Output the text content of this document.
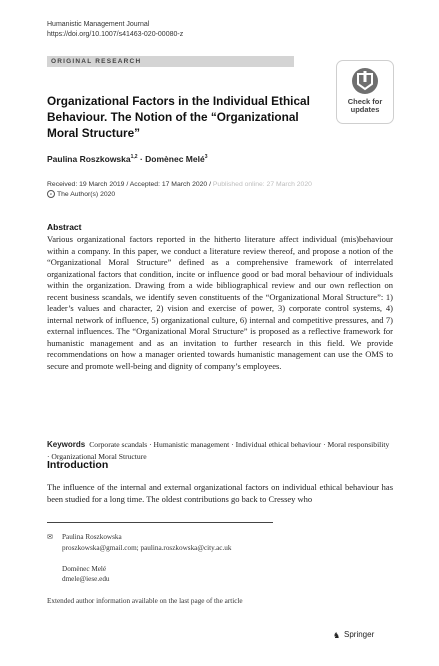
Humanistic Management Journal
https://doi.org/10.1007/s41463-020-00080-z
ORIGINAL RESEARCH
Check for
updates
Organizational Factors in the Individual Ethical Behaviour. The Notion of the “Organizational Moral Structure”
Paulina Roszkowska$^{1,2}$ · Domènec Melé$^3$
Received: 19 March 2019 / Accepted: 17 March 2020 / Published online: 27 March 2020
c The Author(s) 2020
Abstract
Various organizational factors reported in the hitherto literature affect individual (mis)behaviour within a company. In this paper, we conduct a literature review thereof, and propose a notion of the “Organizational Moral Structure” defined as a comprehensive framework of interrelated organizational factors that condition, incite or influence good or bad moral behaviour of individuals within the organization. Drawing from a wide bibliographical review and our own reflection on recent business scandals, we identify seven constituents of the “Organizational Moral Structure”: 1) leader’s values and character, 2) vision and exercise of power, 3) corporate control systems, 4) internal network of influence, 5) organizational culture, 6) internal and competitive pressures, and 7) external influences. The “Organizational Moral Structure” is proposed as a reflective framework for humanistic management and as an invitation to further research in this field. We provide recommendations on how a manager oriented towards humanistic management can use the OMS to secure and promote well-being and dignity of company’s employees.
Keywords Corporate scandals · Humanistic management · Individual ethical behaviour · Moral responsibility · Organizational Moral Structure
Introduction
The influence of the internal and external organizational factors on individual ethical behaviour has been studied for a long time. The oldest contributions go back to Cressey who
✉ Paulina Roszkowska
proszkowska@gmail.com; paulina.roszkowska@city.ac.uk
Domènec Melé
dmele@iese.edu
Extended author information available on the last page of the article
♞ Springer
